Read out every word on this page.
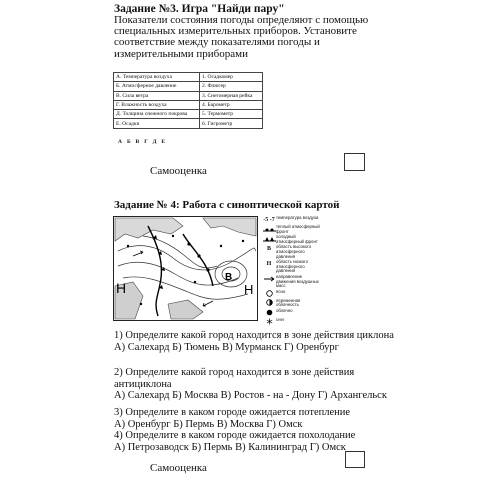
Задание №3. Игра "Найди пару"
Показатели состояния погоды определяют с помощью специальных измерительных приборов. Установите соответствие между показателями погоды и измерительными приборами
А. Температура воздуха	1. Осадкомер
Б. Атмосферное давление	2. Флюгер
В. Сила ветра	3. Снегомерная рейка
Г. Влажность воздуха	4. Барометр
Д. Толщина снежного покрова	5. Термометр
Е. Осадки	6. Гигрометр
А Б В Г Д Е
Самооценка
Задание № 4: Работа с синоптической картой
H
B
H
-5 -7 температура воздуха
теплый атмосферный фронт
холодный атмосферный фронт
B	область высокого атмосферного давления
H	область низкого атмосферного давления
направление движения воздушных масс
ясно
переменная облачность
облачно
снег
1) Определите какой город находится в зоне действия циклона
А) Салехард Б) Тюмень В) Мурманск Г) Оренбург
2) Определите какой город находится в зоне действия антициклона
А) Салехард Б) Москва В) Ростов - на - Дону Г) Архангельск
3) Определите в каком городе ожидается потепление
А) Оренбург Б) Пермь В) Москва Г) Омск
4) Определите в каком городе ожидается похолодание
А) Петрозаводск Б) Пермь В) Калининград Г) Омск
Самооценка
